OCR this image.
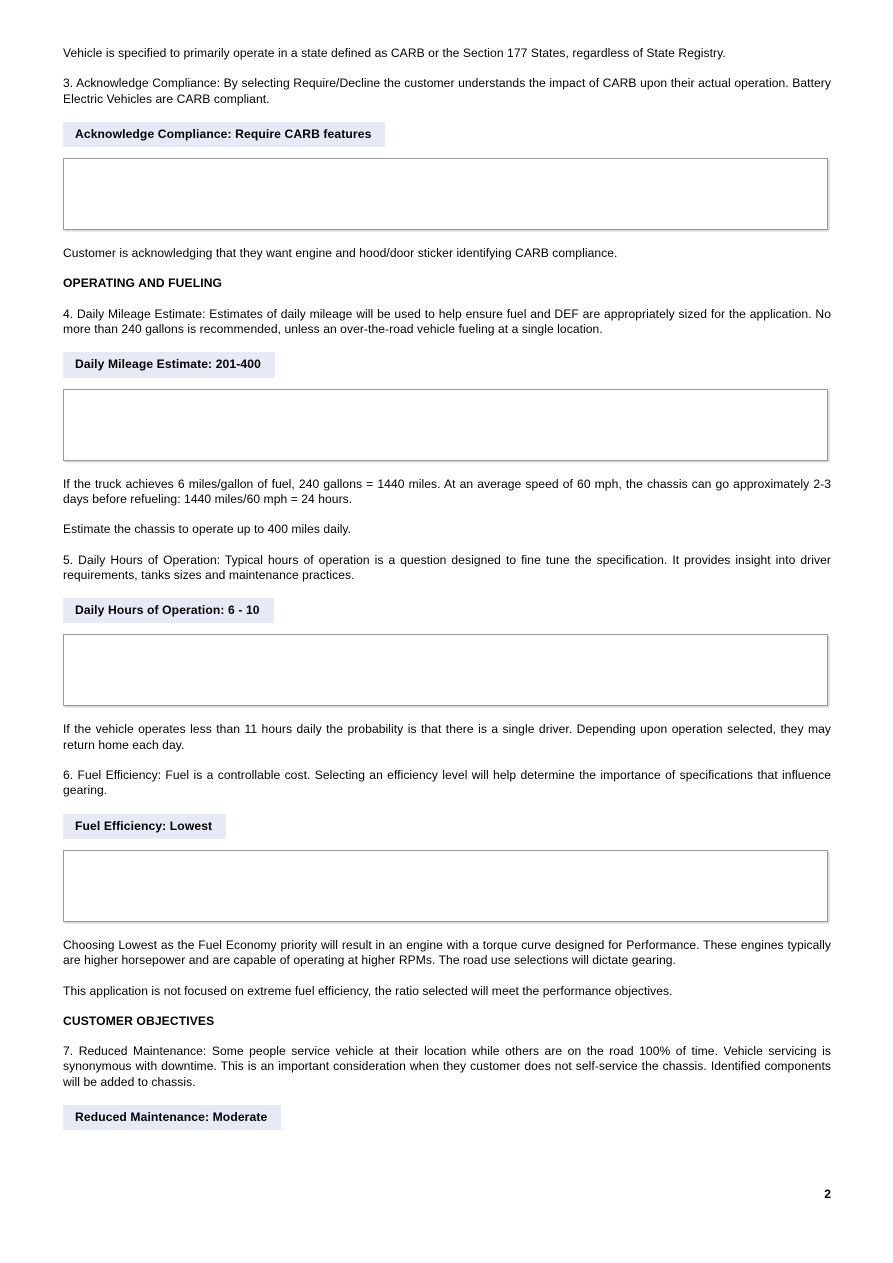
Vehicle is specified to primarily operate in a state defined as CARB or the Section 177 States, regardless of State Registry.

3. Acknowledge Compliance: By selecting Require/Decline the customer understands the impact of CARB upon their actual operation. Battery Electric Vehicles are CARB compliant.

Acknowledge Compliance: Require CARB features

Customer is acknowledging that they want engine and hood/door sticker identifying CARB compliance.

OPERATING AND FUELING

4. Daily Mileage Estimate: Estimates of daily mileage will be used to help ensure fuel and DEF are appropriately sized for the application. No more than 240 gallons is recommended, unless an over-the-road vehicle fueling at a single location.

Daily Mileage Estimate: 201-400

If the truck achieves 6 miles/gallon of fuel, 240 gallons = 1440 miles. At an average speed of 60 mph, the chassis can go approximately 2-3 days before refueling: 1440 miles/60 mph = 24 hours.

Estimate the chassis to operate up to 400 miles daily.

5. Daily Hours of Operation: Typical hours of operation is a question designed to fine tune the specification. It provides insight into driver requirements, tanks sizes and maintenance practices.

Daily Hours of Operation: 6 - 10

If the vehicle operates less than 11 hours daily the probability is that there is a single driver. Depending upon operation selected, they may return home each day.

6. Fuel Efficiency: Fuel is a controllable cost. Selecting an efficiency level will help determine the importance of specifications that influence gearing.

Fuel Efficiency: Lowest

Choosing Lowest as the Fuel Economy priority will result in an engine with a torque curve designed for Performance. These engines typically are higher horsepower and are capable of operating at higher RPMs. The road use selections will dictate gearing.

This application is not focused on extreme fuel efficiency, the ratio selected will meet the performance objectives.

CUSTOMER OBJECTIVES

7. Reduced Maintenance: Some people service vehicle at their location while others are on the road 100% of time. Vehicle servicing is synonymous with downtime. This is an important consideration when they customer does not self-service the chassis. Identified components will be added to chassis.

Reduced Maintenance: Moderate
2
